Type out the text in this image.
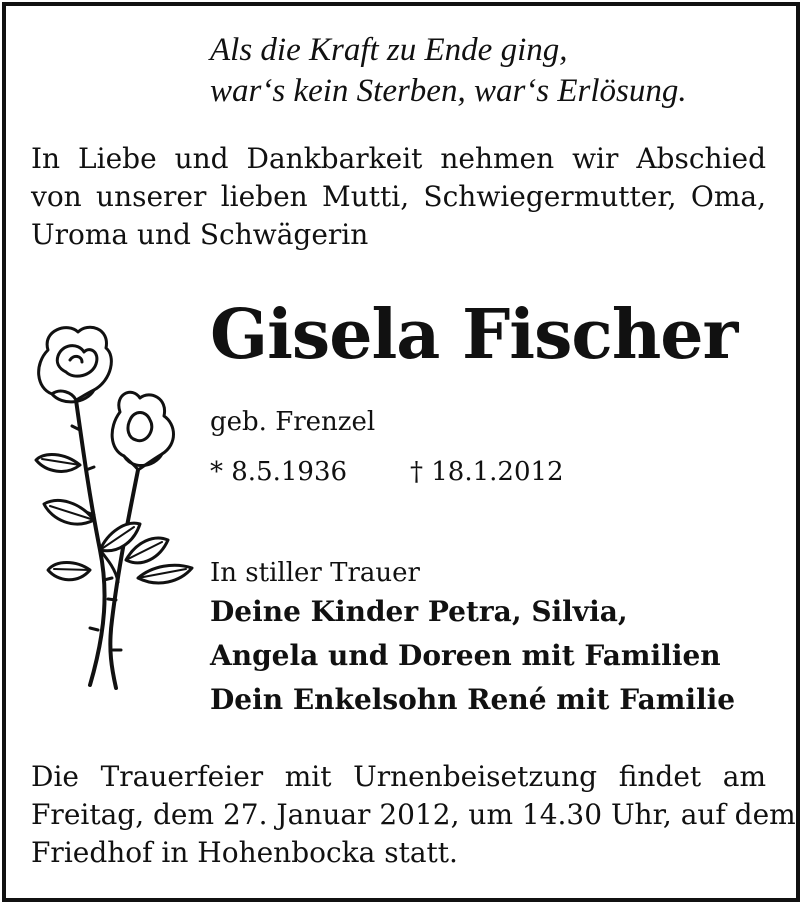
Als die Kraft zu Ende ging,
war‘s kein Sterben, war‘s Erlösung.
In Liebe und Dankbarkeit nehmen wir Abschied
von unserer lieben Mutti, Schwiegermutter, Oma,
Uroma und Schwägerin
Gisela Fischer
geb. Frenzel
* 8.5.1936 † 18.1.2012
In stiller Trauer
Deine Kinder Petra, Silvia,
Angela und Doreen mit Familien
Dein Enkelsohn René mit Familie
Die Trauerfeier mit Urnenbeisetzung findet am
Freitag, dem 27. Januar 2012, um 14.30 Uhr, auf dem
Friedhof in Hohenbocka statt.
